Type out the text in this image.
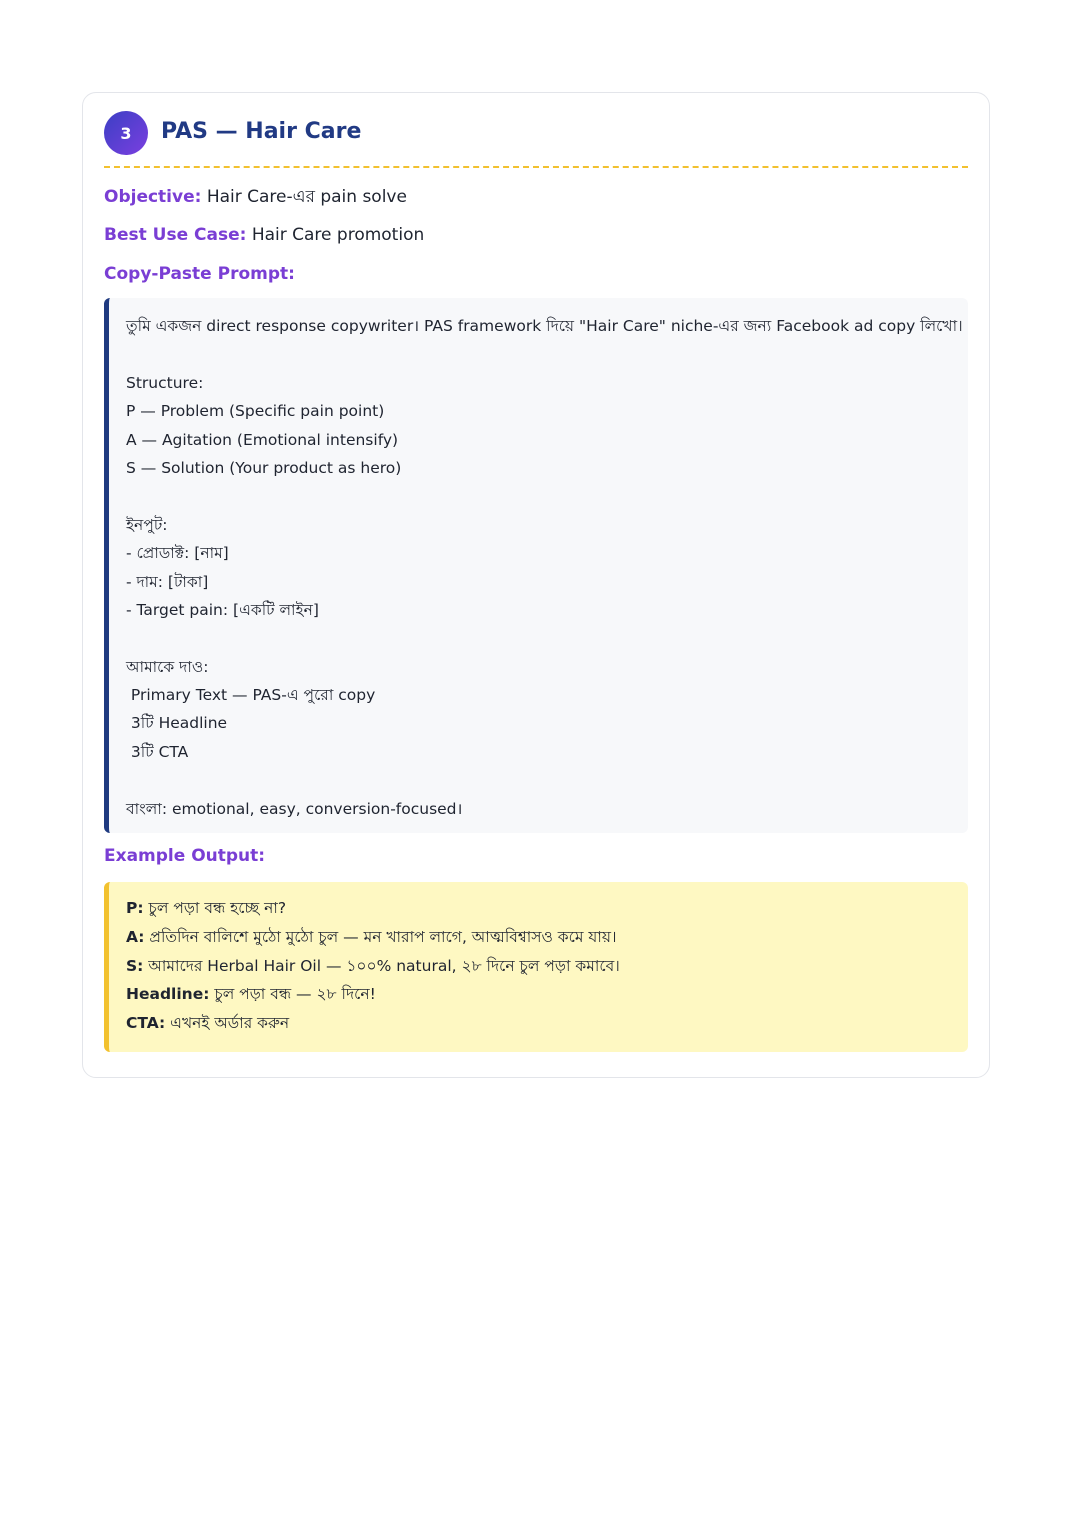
3	PAS — Hair Care
Objective: Hair Care-এর pain solve
Best Use Case: Hair Care promotion
Copy-Paste Prompt:
তুমি একজন direct response copywriter। PAS framework দিয়ে "Hair Care" niche-এর জন্য Facebook ad copy লিখো।
Structure:
P — Problem (Specific pain point)
A — Agitation (Emotional intensify)
S — Solution (Your product as hero)
ইনপুট:
- প্রোডাক্ট: [নাম]
- দাম: [টাকা]
- Target pain: [একটি লাইন]
আমাকে দাও:
Primary Text — PAS-এ পুরো copy
3টি Headline
3টি CTA
বাংলা: emotional, easy, conversion-focused।
Example Output:
P: চুল পড়া বন্ধ হচ্ছে না?
A: প্রতিদিন বালিশে মুঠো মুঠো চুল — মন খারাপ লাগে, আত্মবিশ্বাসও কমে যায়।
S: আমাদের Herbal Hair Oil — ১০০% natural, ২৮ দিনে চুল পড়া কমাবে।
Headline: চুল পড়া বন্ধ — ২৮ দিনে!
CTA: এখনই অর্ডার করুন
